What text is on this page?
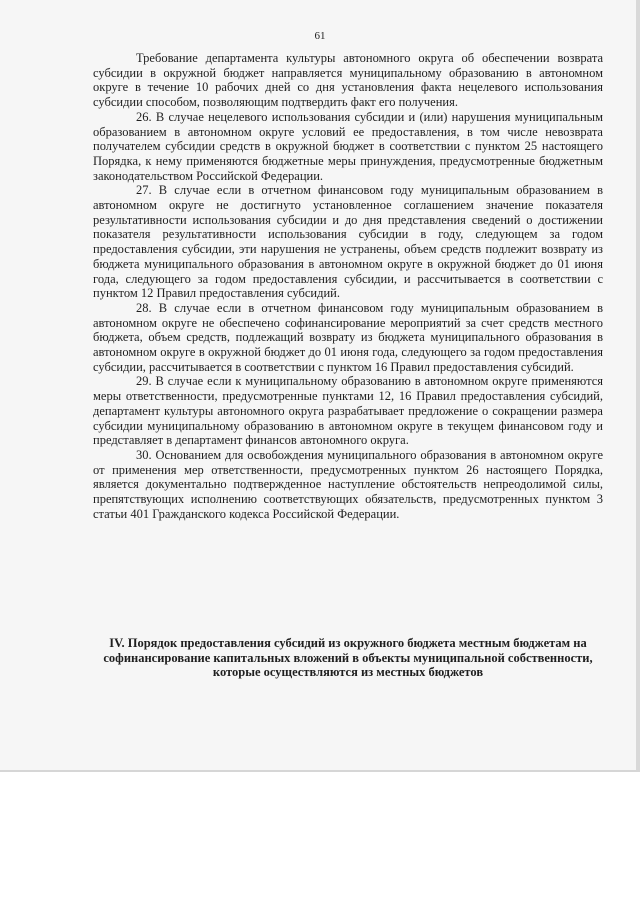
61

Требование департамента культуры автономного округа об обеспечении возврата субсидии в окружной бюджет направляется муниципальному образованию в автономном округе в течение 10 рабочих дней со дня установления факта нецелевого использования субсидии способом, позволяющим подтвердить факт его получения.

26. В случае нецелевого использования субсидии и (или) нарушения муниципальным образованием в автономном округе условий ее предоставления, в том числе невозврата получателем субсидии средств в окружной бюджет в соответствии с пунктом 25 настоящего Порядка, к нему применяются бюджетные меры принуждения, предусмотренные бюджетным законодательством Российской Федерации.

27. В случае если в отчетном финансовом году муниципальным образованием в автономном округе не достигнуто установленное соглашением значение показателя результативности использования субсидии и до дня представления сведений о достижении показателя результативности использования субсидии в году, следующем за годом предоставления субсидии, эти нарушения не устранены, объем средств подлежит возврату из бюджета муниципального образования в автономном округе в окружной бюджет до 01 июня года, следующего за годом предоставления субсидии, и рассчитывается в соответствии с пунктом 12 Правил предоставления субсидий.

28. В случае если в отчетном финансовом году муниципальным образованием в автономном округе не обеспечено софинансирование мероприятий за счет средств местного бюджета, объем средств, подлежащий возврату из бюджета муниципального образования в автономном округе в окружной бюджет до 01 июня года, следующего за годом предоставления субсидии, рассчитывается в соответствии с пунктом 16 Правил предоставления субсидий.

29. В случае если к муниципальному образованию в автономном округе применяются меры ответственности, предусмотренные пунктами 12, 16 Правил предоставления субсидий, департамент культуры автономного округа разрабатывает предложение о сокращении размера субсидии муниципальному образованию в автономном округе в текущем финансовом году и представляет в департамент финансов автономного округа.

30. Основанием для освобождения муниципального образования в автономном округе от применения мер ответственности, предусмотренных пунктом 26 настоящего Порядка, является документально подтвержденное наступление обстоятельств непреодолимой силы, препятствующих исполнению соответствующих обязательств, предусмотренных пунктом 3 статьи 401 Гражданского кодекса Российской Федерации.

IV. Порядок предоставления субсидий из окружного бюджета местным бюджетам на софинансирование капитальных вложений в объекты муниципальной собственности, которые осуществляются из местных бюджетов
